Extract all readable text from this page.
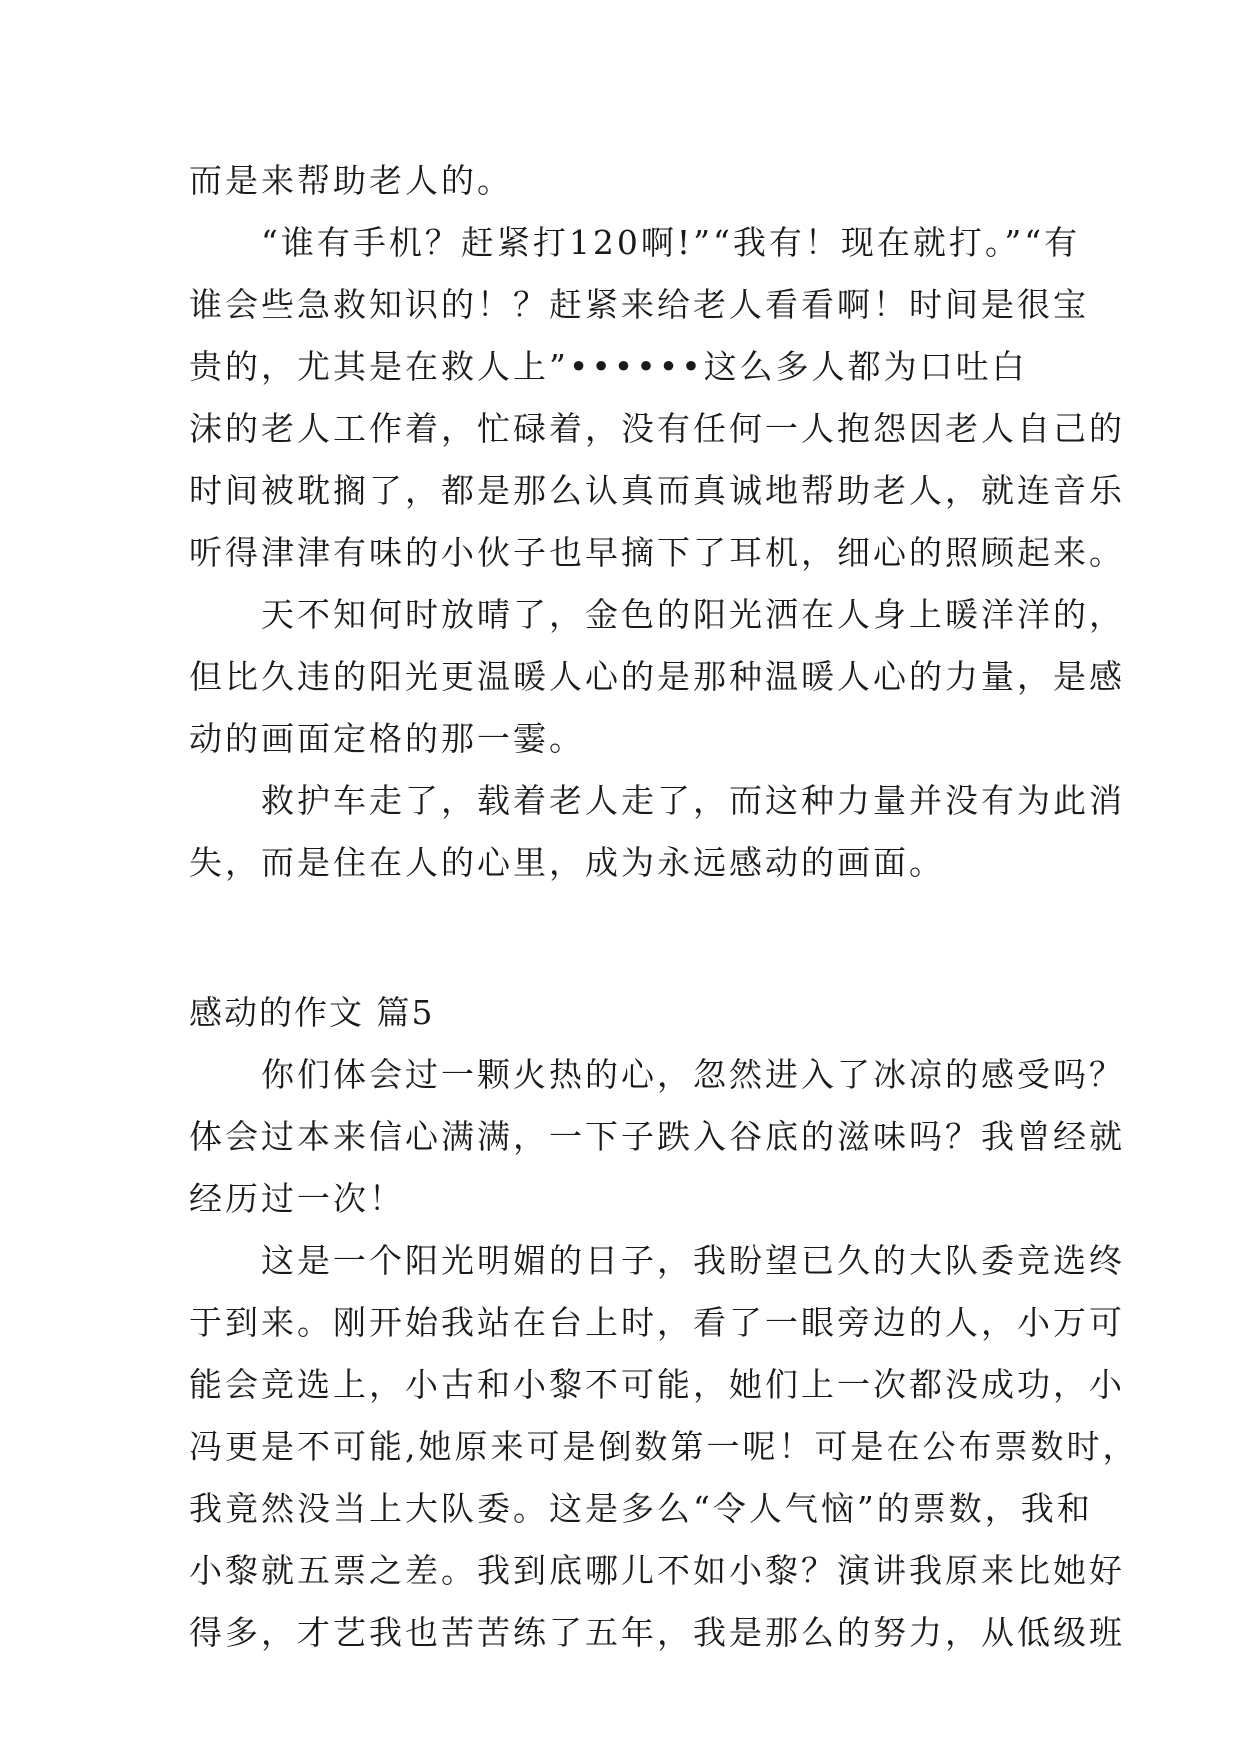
而是来帮助老人的。
“谁有手机？赶紧打120啊!”“我有！现在就打。”“有
谁会些急救知识的！？赶紧来给老人看看啊！时间是很宝
贵的，尤其是在救人上”••••••这么多人都为口吐白
沫的老人工作着，忙碌着，没有任何一人抱怨因老人自己的
时间被耽搁了，都是那么认真而真诚地帮助老人，就连音乐
听得津津有味的小伙子也早摘下了耳机，细心的照顾起来。
天不知何时放晴了，金色的阳光洒在人身上暖洋洋的，
但比久违的阳光更温暖人心的是那种温暖人心的力量，是感
动的画面定格的那一霎。
救护车走了，载着老人走了，而这种力量并没有为此消
失，而是住在人的心里，成为永远感动的画面。
感动的作文 篇5
你们体会过一颗火热的心，忽然进入了冰凉的感受吗？
体会过本来信心满满，一下子跌入谷底的滋味吗？我曾经就
经历过一次！
这是一个阳光明媚的日子，我盼望已久的大队委竞选终
于到来。刚开始我站在台上时，看了一眼旁边的人，小万可
能会竞选上，小古和小黎不可能，她们上一次都没成功，小
冯更是不可能,她原来可是倒数第一呢！可是在公布票数时，
我竟然没当上大队委。这是多么“令人气恼”的票数，我和
小黎就五票之差。我到底哪儿不如小黎？演讲我原来比她好
得多，才艺我也苦苦练了五年，我是那么的努力，从低级班
